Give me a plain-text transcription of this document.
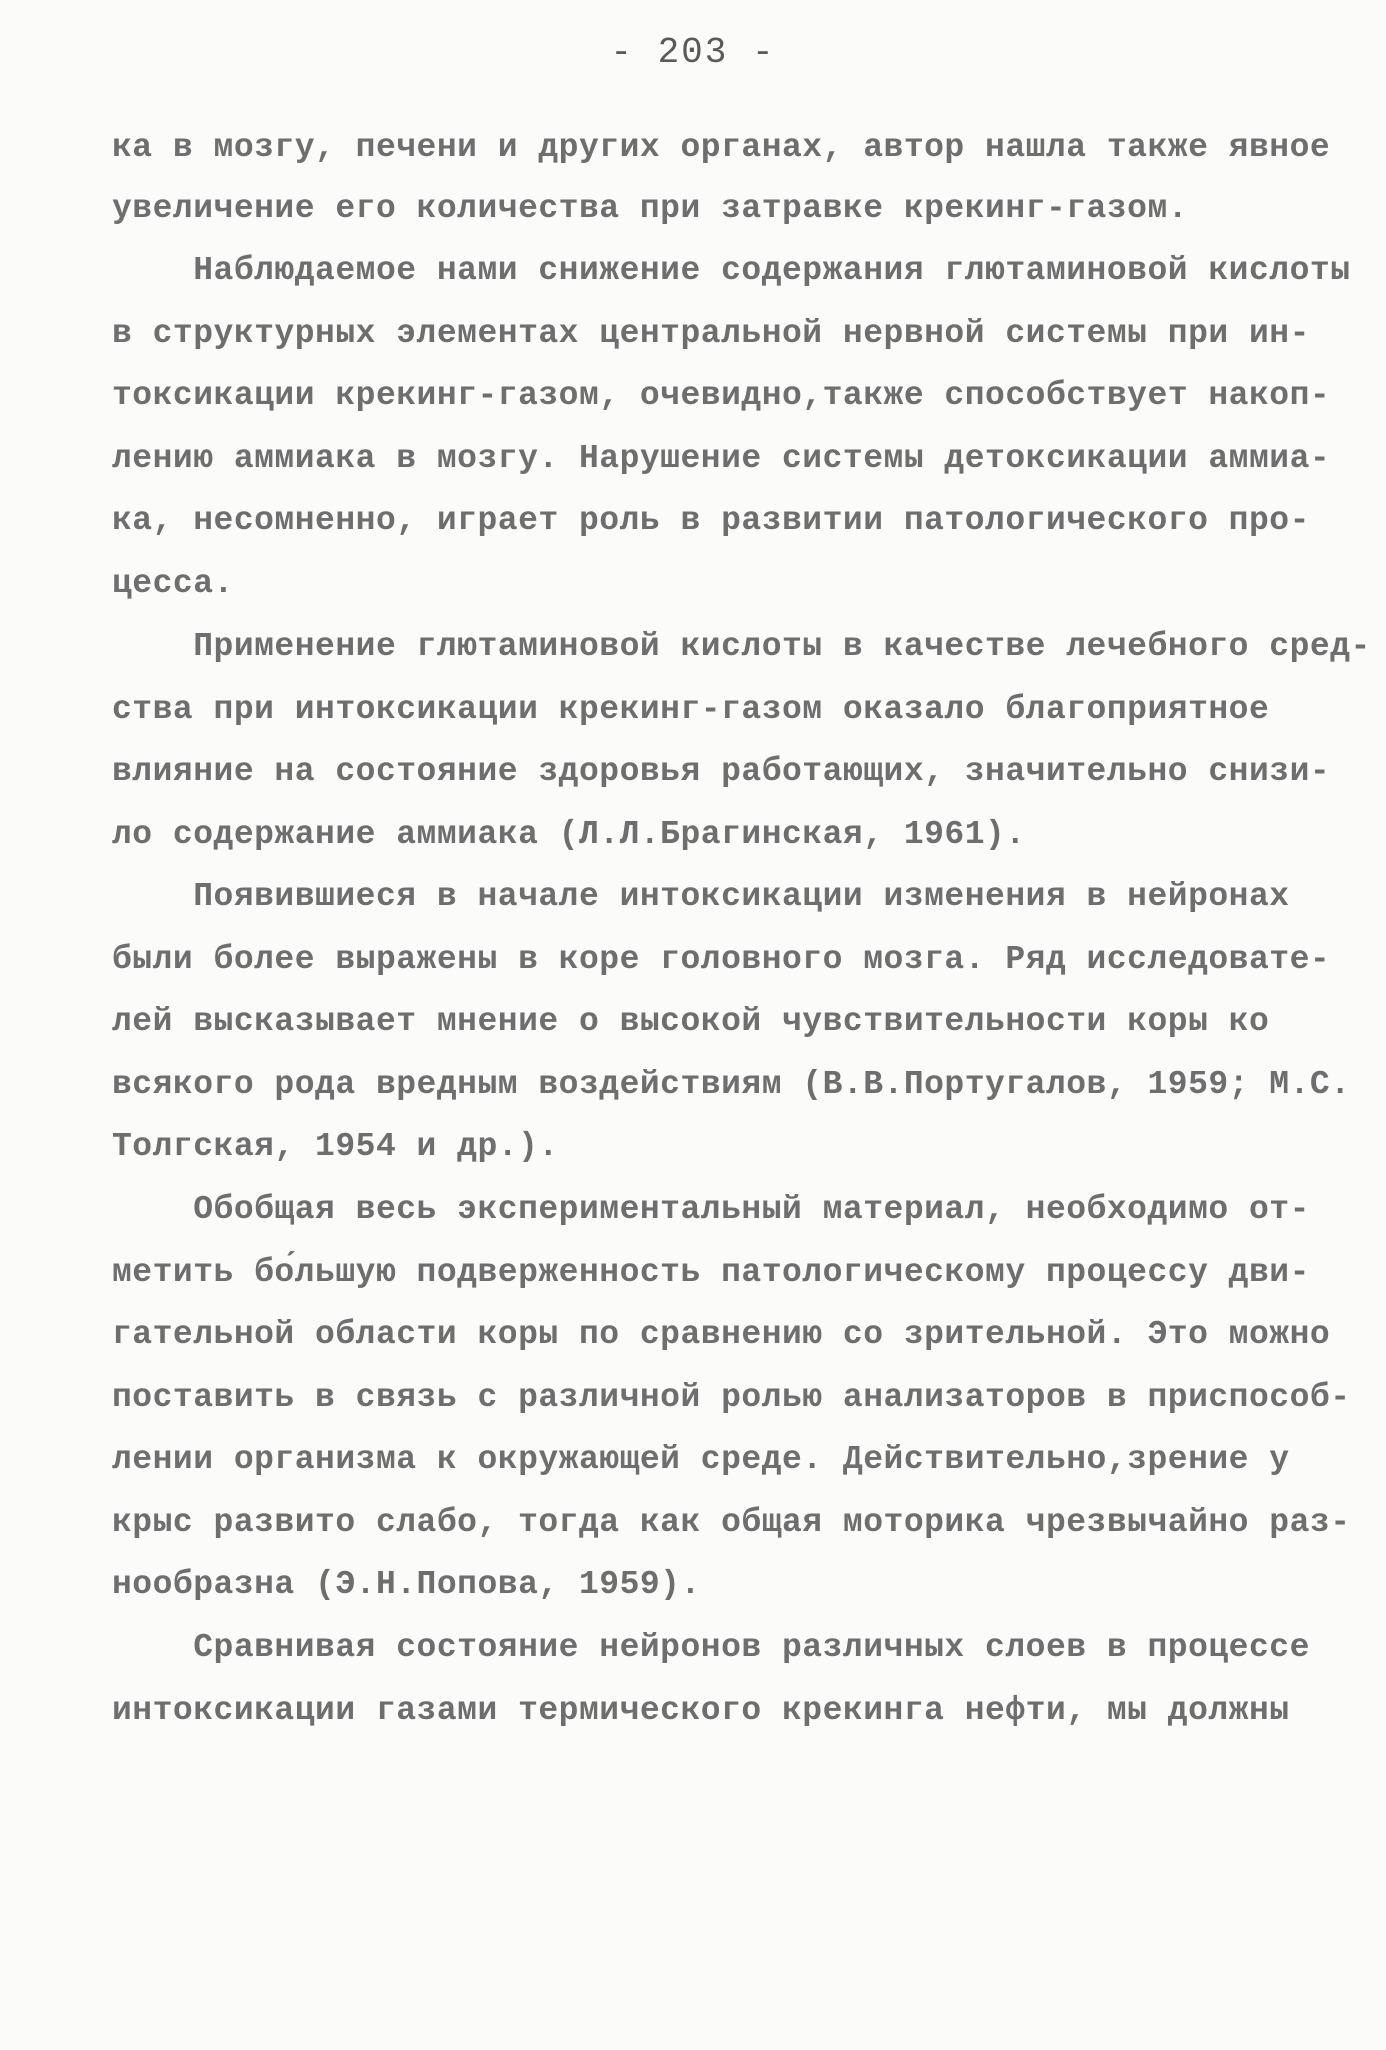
- 203 -
ка в мозгу, печени и других органах, автор нашла также явное
увеличение его количества при затравке крекинг-газом.
Наблюдаемое нами снижение содержания глютаминовой кислоты
в структурных элементах центральной нервной системы при ин-
токсикации крекинг-газом, очевидно,также способствует накоп-
лению аммиака в мозгу. Нарушение системы детоксикации аммиа-
ка, несомненно, играет роль в развитии патологического про-
цесса.
Применение глютаминовой кислоты в качестве лечебного сред-
ства при интоксикации крекинг-газом оказало благоприятное
влияние на состояние здоровья работающих, значительно снизи-
ло содержание аммиака (Л.Л.Брагинская, 1961).
Появившиеся в начале интоксикации изменения в нейронах
были более выражены в коре головного мозга. Ряд исследовате-
лей высказывает мнение о высокой чувствительности коры ко
всякого рода вредным воздействиям (В.В.Португалов, 1959; М.С.
Толгская, 1954 и др.).
Обобщая весь экспериментальный материал, необходимо от-
метить бо́льшую подверженность патологическому процессу дви-
гательной области коры по сравнению со зрительной. Это можно
поставить в связь с различной ролью анализаторов в приспособ-
лении организма к окружающей среде. Действительно,зрение у
крыс развито слабо, тогда как общая моторика чрезвычайно раз-
нообразна (Э.Н.Попова, 1959).
Сравнивая состояние нейронов различных слоев в процессе
интоксикации газами термического крекинга нефти, мы должны
